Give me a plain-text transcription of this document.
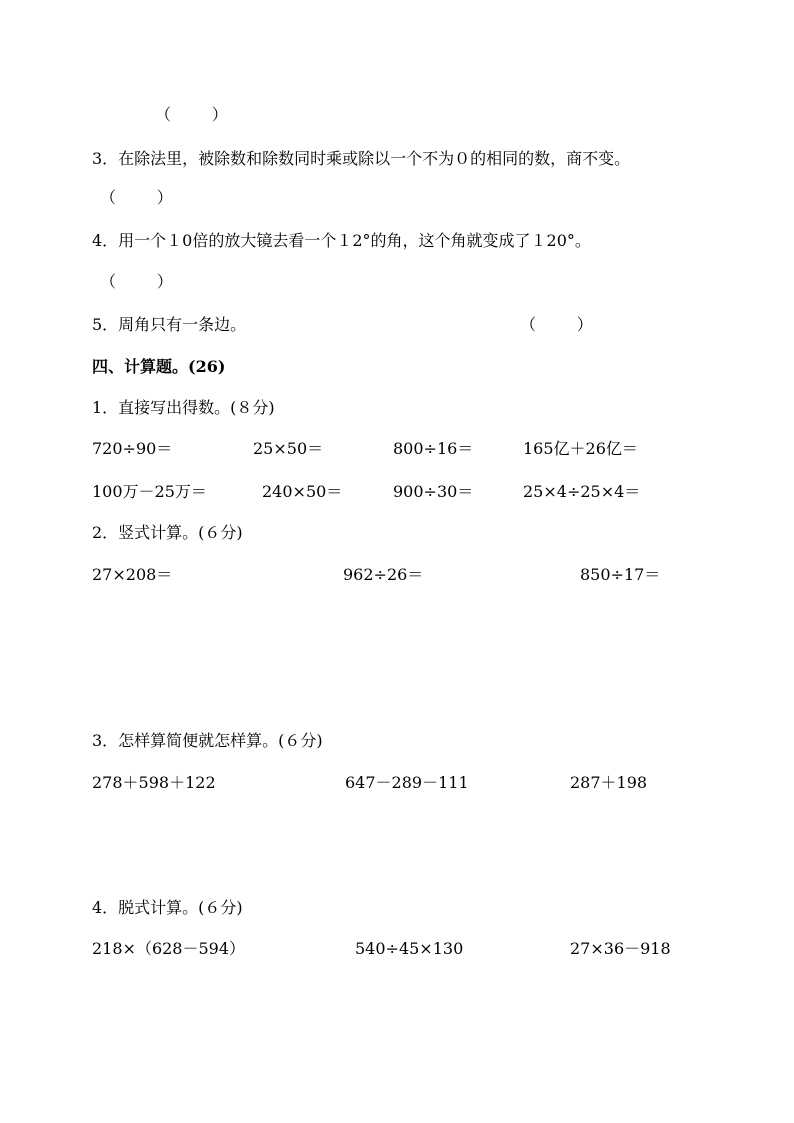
（        ）
3．在除法里，被除数和除数同时乘或除以一个不为０的相同的数，商不变。
（        ）
4．用一个１0倍的放大镜去看一个１2°的角，这个角就变成了１20°。
（        ）
5．周角只有一条边。	（        ）
四、计算题。(26)
1．直接写出得数。(８分)
720÷90＝	25×50＝	800÷16＝	165亿＋26亿＝
100万－25万＝	240×50＝	900÷30＝	25×4÷25×4＝
2．竖式计算。(６分)
27×208＝	962÷26＝	850÷17＝
3．怎样算简便就怎样算。(６分)
278＋598＋122	647－289－111	287＋198
4．脱式计算。(６分)
218×（628－594）	540÷45×130	27×36－918
